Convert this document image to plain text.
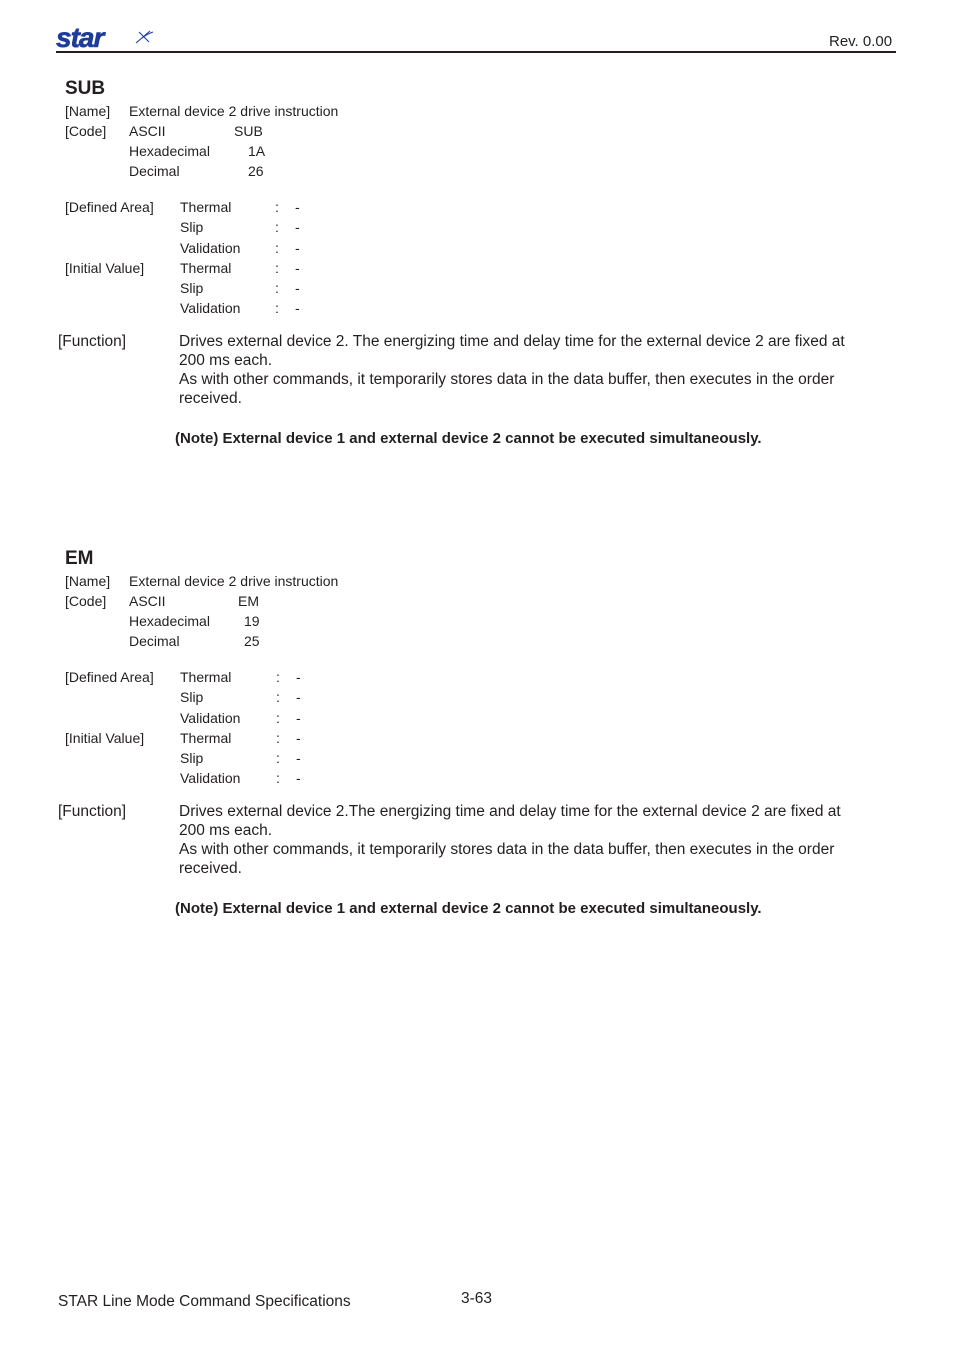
star	Rev. 0.00
SUB
[Name] External device 2 drive instruction
[Code] ASCII	SUB
Hexadecimal	1A
Decimal	26
[Defined Area] Thermal	: -
Slip	: -
Validation : -
[Initial Value]	Thermal	: -
Slip	: -
Validation : -
[Function]	Drives external device 2. The energizing time and delay time for the external device 2 are fixed at
200 ms each.
As with other commands, it temporarily stores data in the data buffer, then executes in the order
received.
(Note) External device 1 and external device 2 cannot be executed simultaneously.
EM
[Name] External device 2 drive instruction
[Code] ASCII	EM
Hexadecimal 19
Decimal	25
[Defined Area] Thermal	: -
Slip	: -
Validation	: -
[Initial Value]	Thermal	: -
Slip	: -
Validation	: -
[Function]	Drives external device 2.The energizing time and delay time for the external device 2 are fixed at
200 ms each.
As with other commands, it temporarily stores data in the data buffer, then executes in the order
received.
(Note) External device 1 and external device 2 cannot be executed simultaneously.
STAR Line Mode Command Specifications	3-63
